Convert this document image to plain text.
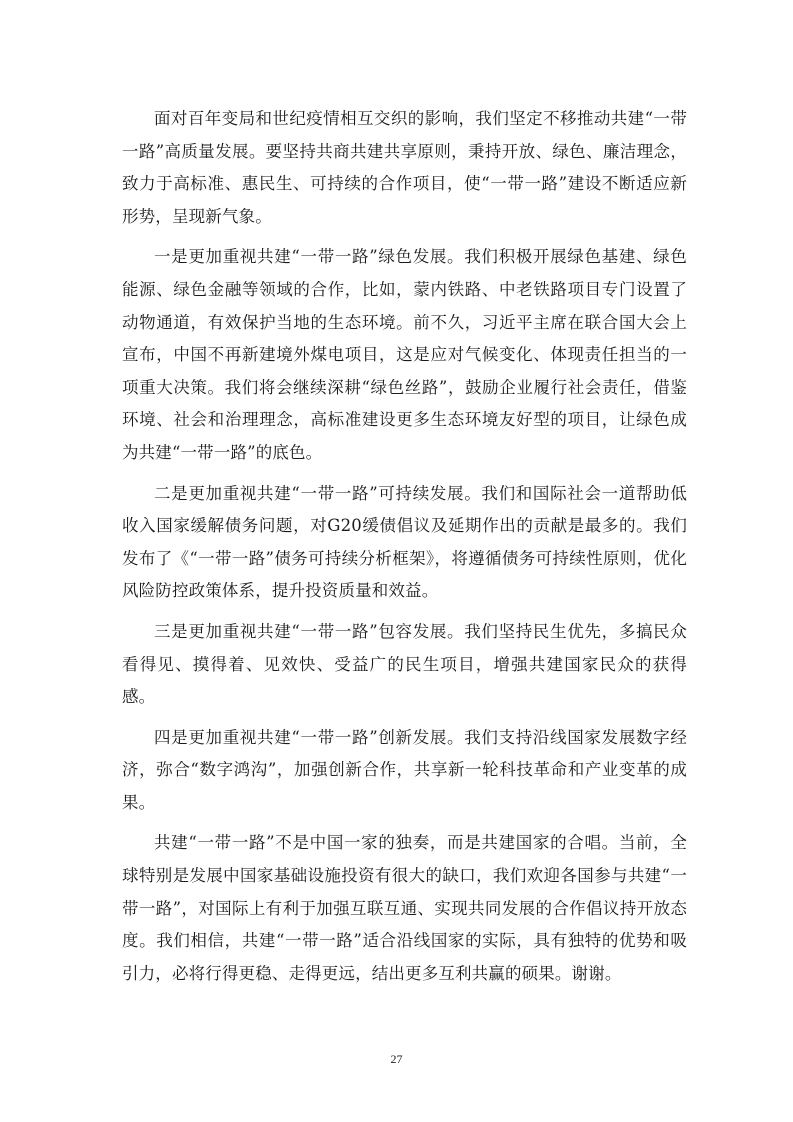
面对百年变局和世纪疫情相互交织的影响，我们坚定不移推动共建“一带一路”高质量发展。要坚持共商共建共享原则，秉持开放、绿色、廉洁理念，致力于高标准、惠民生、可持续的合作项目，使“一带一路”建设不断适应新形势，呈现新气象。

一是更加重视共建“一带一路”绿色发展。我们积极开展绿色基建、绿色能源、绿色金融等领域的合作，比如，蒙内铁路、中老铁路项目专门设置了动物通道，有效保护当地的生态环境。前不久，习近平主席在联合国大会上宣布，中国不再新建境外煤电项目，这是应对气候变化、体现责任担当的一项重大决策。我们将会继续深耕“绿色丝路”，鼓励企业履行社会责任，借鉴环境、社会和治理理念，高标准建设更多生态环境友好型的项目，让绿色成为共建“一带一路”的底色。

二是更加重视共建“一带一路”可持续发展。我们和国际社会一道帮助低收入国家缓解债务问题，对G20缓债倡议及延期作出的贡献是最多的。我们发布了《“一带一路”债务可持续分析框架》，将遵循债务可持续性原则，优化风险防控政策体系，提升投资质量和效益。

三是更加重视共建“一带一路”包容发展。我们坚持民生优先，多搞民众看得见、摸得着、见效快、受益广的民生项目，增强共建国家民众的获得感。

四是更加重视共建“一带一路”创新发展。我们支持沿线国家发展数字经济，弥合“数字鸿沟”，加强创新合作，共享新一轮科技革命和产业变革的成果。

共建“一带一路”不是中国一家的独奏，而是共建国家的合唱。当前，全球特别是发展中国家基础设施投资有很大的缺口，我们欢迎各国参与共建“一带一路”，对国际上有利于加强互联互通、实现共同发展的合作倡议持开放态度。我们相信，共建“一带一路”适合沿线国家的实际，具有独特的优势和吸引力，必将行得更稳、走得更远，结出更多互利共赢的硕果。谢谢。

27
